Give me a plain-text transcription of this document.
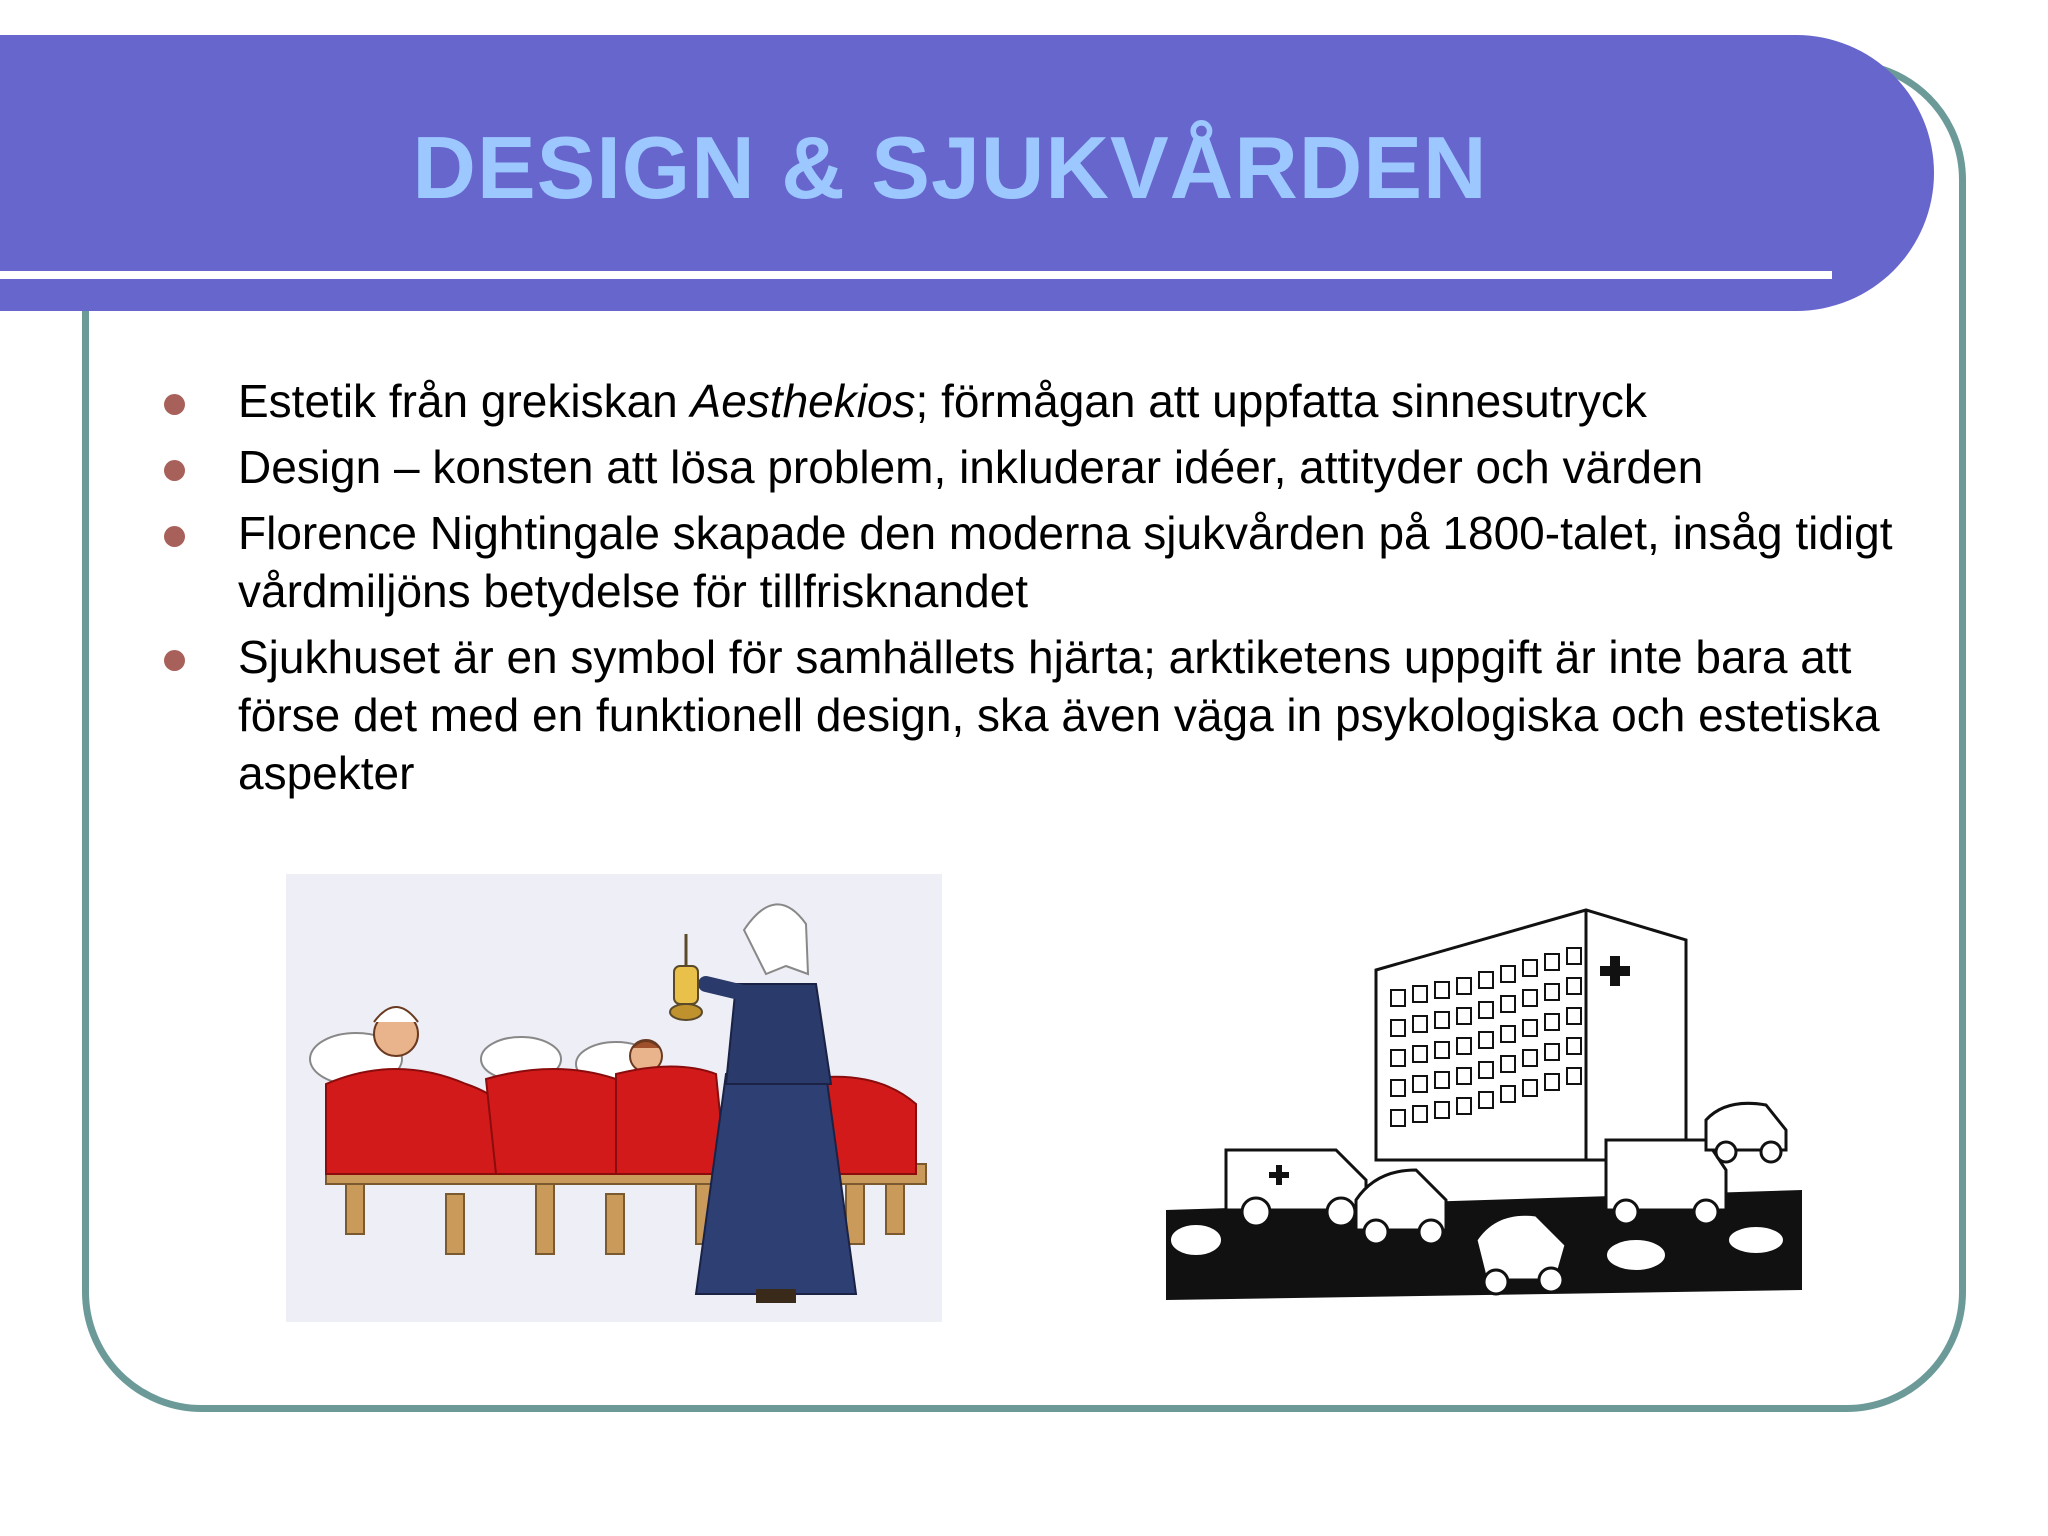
DESIGN & SJUKVÅRDEN
Estetik från grekiskan Aesthekios; förmågan att uppfatta sinnesutryck
Design – konsten att lösa problem, inkluderar idéer, attityder och värden
Florence Nightingale skapade den moderna sjukvården på 1800-talet, insåg tidigt vårdmiljöns betydelse för tillfrisknandet
Sjukhuset är en symbol för samhällets hjärta; arktiketens uppgift är inte bara att förse det med en funktionell design, ska även väga in psykologiska och estetiska aspekter
